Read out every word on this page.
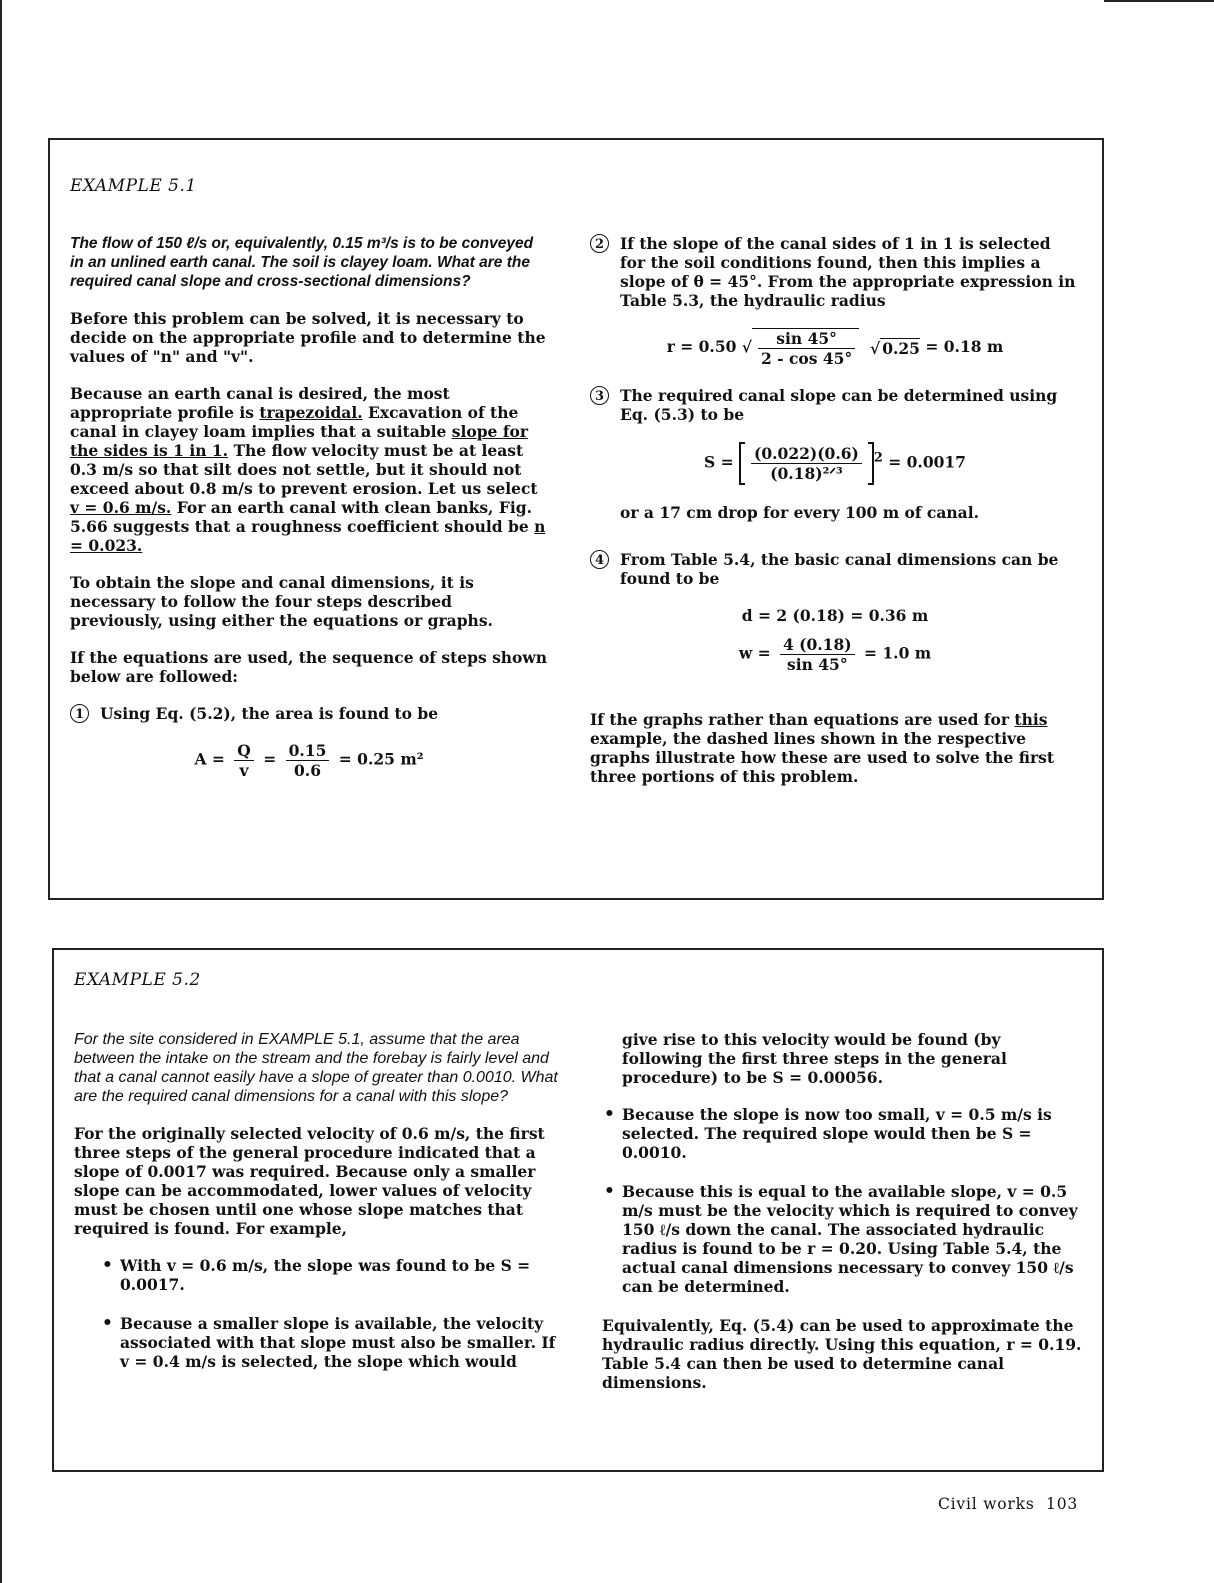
EXAMPLE 5.1

The flow of 150 ℓ/s or, equivalently, 0.15 m³/s is to be conveyed in an unlined earth canal. The soil is clayey loam. What are the required canal slope and cross-sectional dimensions?

Before this problem can be solved, it is necessary to decide on the appropriate profile and to determine the values of "n" and "v".

Because an earth canal is desired, the most appropriate profile is trapezoidal. Excavation of the canal in clayey loam implies that a suitable slope for the sides is 1 in 1. The flow velocity must be at least 0.3 m/s so that silt does not settle, but it should not exceed about 0.8 m/s to prevent erosion. Let us select v = 0.6 m/s. For an earth canal with clean banks, Fig. 5.66 suggests that a roughness coefficient should be n = 0.023.

To obtain the slope and canal dimensions, it is necessary to follow the four steps described previously, using either the equations or graphs.

If the equations are used, the sequence of steps shown below are followed:

1	Using Eq. (5.2), the area is found to be

$A = \frac{Q}{v} = \frac{0.15}{0.6} = 0.25$ m²

2	If the slope of the canal sides of 1 in 1 is selected for the soil conditions found, then this implies a slope of θ = 45°. From the appropriate expression in Table 5.3, the hydraulic radius

r = 0.50 √ $\frac{\sin 45^\circ}{2 - \cos 45^\circ}$ √ 0.25 = 0.18 m

3	The required canal slope can be determined using Eq. (5.3) to be

$S = \frac{(0.022)(0.6)}{\text{(0.18)²ᐟ³}} ^2 = 0.0017$

or a 17 cm drop for every 100 m of canal.

4	From Table 5.4, the basic canal dimensions can be found to be

d = 2 (0.18) = 0.36 m
$w = \frac{4 (0.18)}{\sin 45^\circ} = 1.0$ m

If the graphs rather than equations are used for this example, the dashed lines shown in the respective graphs illustrate how these are used to solve the first three portions of this problem.

EXAMPLE 5.2

For the site considered in EXAMPLE 5.1, assume that the area between the intake on the stream and the forebay is fairly level and that a canal cannot easily have a slope of greater than 0.0010. What are the required canal dimensions for a canal with this slope?

For the originally selected velocity of 0.6 m/s, the first three steps of the general procedure indicated that a slope of 0.0017 was required. Because only a smaller slope can be accommodated, lower values of velocity must be chosen until one whose slope matches that required is found. For example,

• With v = 0.6 m/s, the slope was found to be S = 0.0017.
• Because a smaller slope is available, the velocity associated with that slope must also be smaller. If v = 0.4 m/s is selected, the slope which would

give rise to this velocity would be found (by following the first three steps in the general procedure) to be S = 0.00056.

• Because the slope is now too small, v = 0.5 m/s is selected. The required slope would then be S = 0.0010.
• Because this is equal to the available slope, v = 0.5 m/s must be the velocity which is required to convey 150 ℓ/s down the canal. The associated hydraulic radius is found to be r = 0.20. Using Table 5.4, the actual canal dimensions necessary to convey 150 ℓ/s can be determined.

Equivalently, Eq. (5.4) can be used to approximate the hydraulic radius directly. Using this equation, r = 0.19. Table 5.4 can then be used to determine canal dimensions.

Civil works 103
